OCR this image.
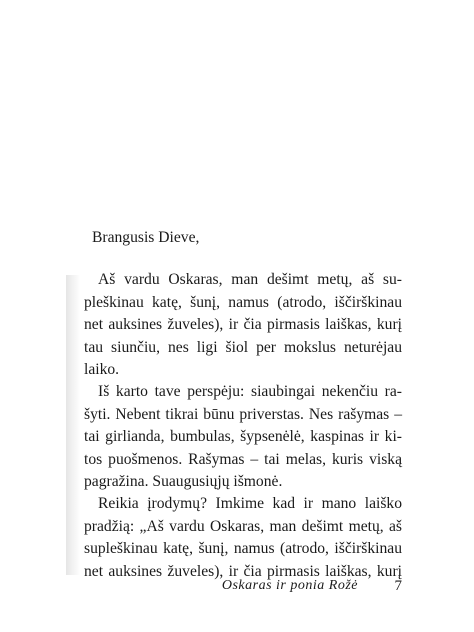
Brangusis Dieve,

Aš vardu Oskaras, man dešimt metų, aš su-
pleškinau katę, šunį, namus (atrodo, iščirškinau
net auksines žuveles), ir čia pirmasis laiškas, kurį
tau siunčiu, nes ligi šiol per mokslus neturėjau
laiko.

Iš karto tave perspėju: siaubingai nekenčiu ra-
šyti. Nebent tikrai būnu priverstas. Nes rašymas –
tai girlianda, bumbulas, šypsenėlė, kaspinas ir ki-
tos puošmenos. Rašymas – tai melas, kuris viską
pagražina. Suaugusiųjų išmonė.

Reikia įrodymų? Imkime kad ir mano laiško
pradžią: „Aš vardu Oskaras, man dešimt metų, aš
supleškinau katę, šunį, namus (atrodo, iščirškinau
net auksines žuveles), ir čia pirmasis laiškas, kurį

Oskaras ir ponia Rožė 7
